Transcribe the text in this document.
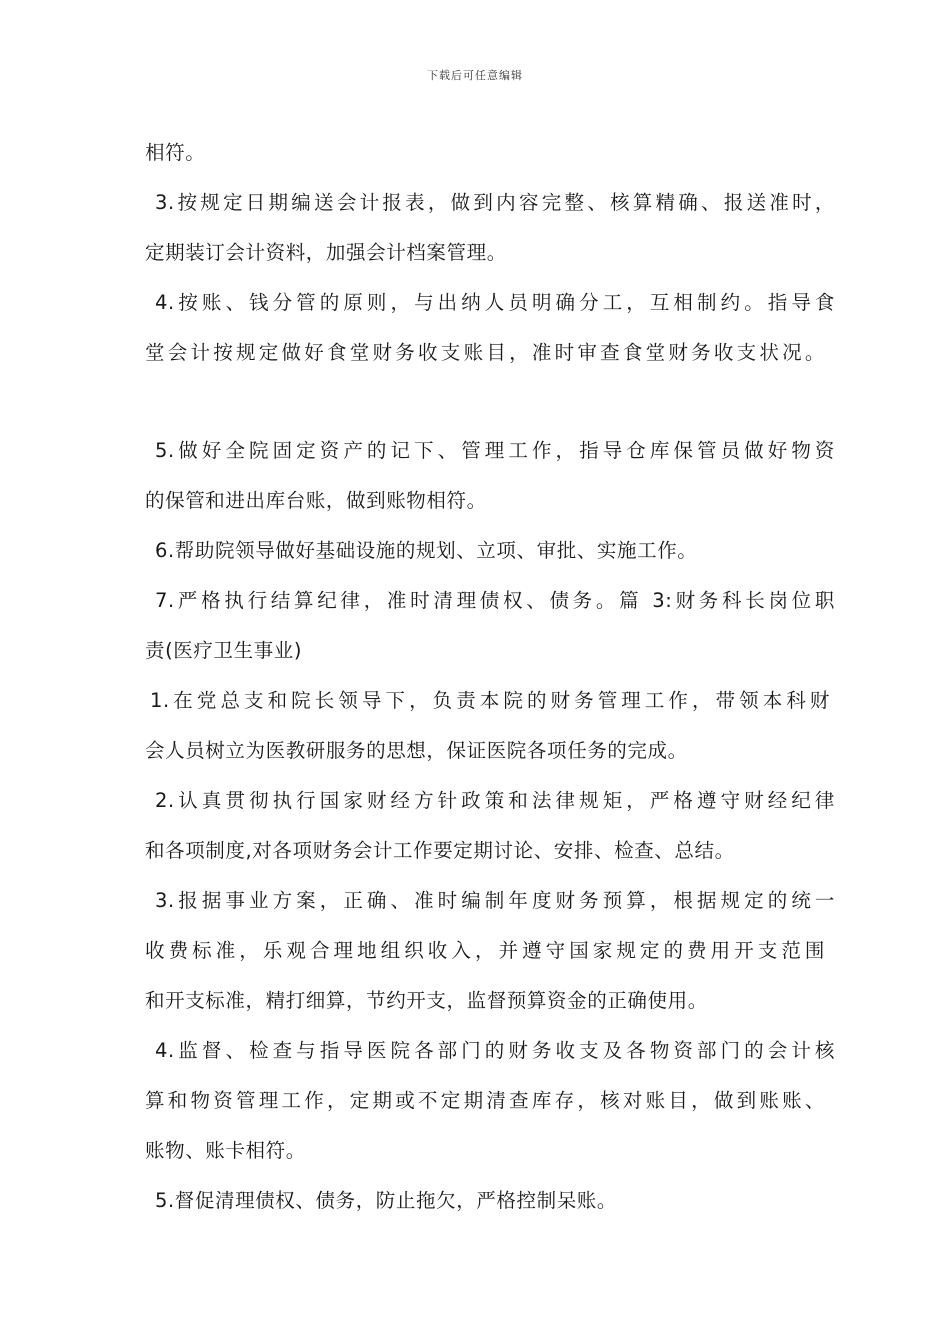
下载后可任意编辑
相符。
3.按规定日期编送会计报表，做到内容完整、核算精确、报送准时，
定期装订会计资料，加强会计档案管理。
4.按账、钱分管的原则，与出纳人员明确分工，互相制约。指导食
堂会计按规定做好食堂财务收支账目，准时审查食堂财务收支状况。
5.做好全院固定资产的记下、管理工作，指导仓库保管员做好物资
的保管和进出库台账，做到账物相符。
6.帮助院领导做好基础设施的规划、立项、审批、实施工作。
7.严格执行结算纪律，准时清理债权、债务。篇 3:财务科长岗位职
责(医疗卫生事业)
1.在党总支和院长领导下，负责本院的财务管理工作，带领本科财
会人员树立为医教研服务的思想，保证医院各项任务的完成。
2.认真贯彻执行国家财经方针政策和法律规矩，严格遵守财经纪律
和各项制度,对各项财务会计工作要定期讨论、安排、检查、总结。
3.报据事业方案，正确、准时编制年度财务预算，根据规定的统一
收费标准，乐观合理地组织收入，并遵守国家规定的费用开支范围
和开支标准，精打细算，节约开支，监督预算资金的正确使用。
4.监督、检查与指导医院各部门的财务收支及各物资部门的会计核
算和物资管理工作，定期或不定期清查库存，核对账目，做到账账、
账物、账卡相符。
5.督促清理债权、债务，防止拖欠，严格控制呆账。
